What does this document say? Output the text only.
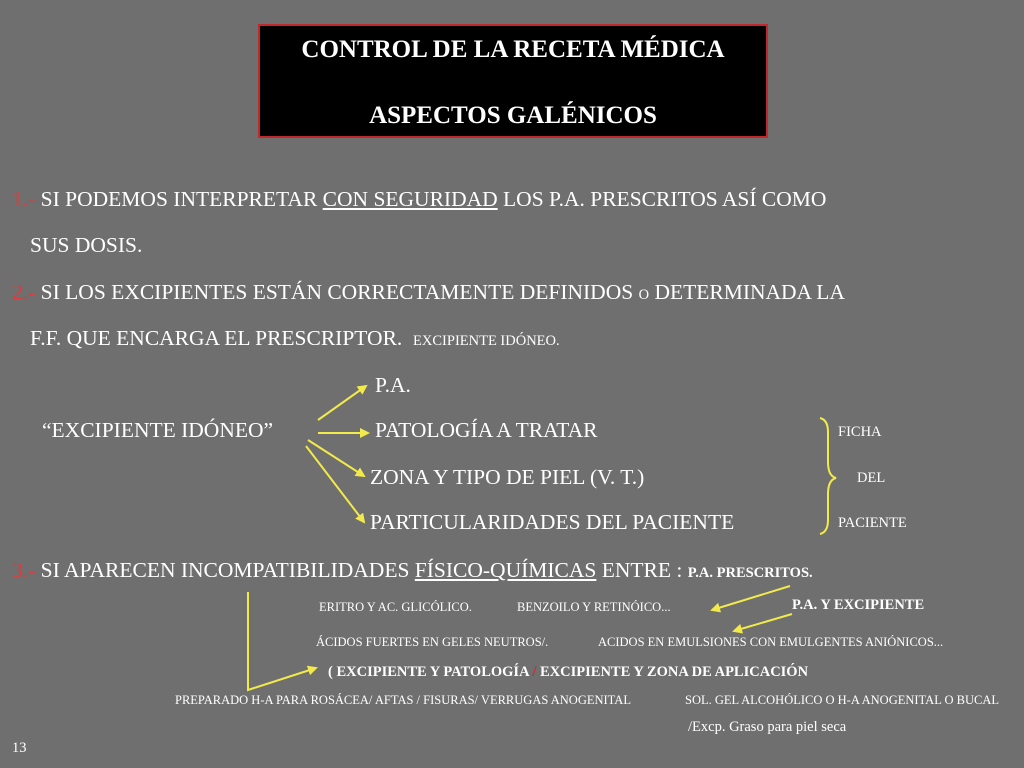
CONTROL DE LA RECETA MÉDICA
ASPECTOS GALÉNICOS
1.- SI PODEMOS INTERPRETAR CON SEGURIDAD LOS P.A. PRESCRITOS ASÍ COMO
SUS DOSIS.
2.- SI LOS EXCIPIENTES ESTÁN CORRECTAMENTE DEFINIDOS O DETERMINADA LA
F.F. QUE ENCARGA EL PRESCRIPTOR. EXCIPIENTE IDÓNEO.
P.A.
“EXCIPIENTE IDÓNEO”	PATOLOGÍA A TRATAR
ZONA Y TIPO DE PIEL (V. T.)
PARTICULARIDADES DEL PACIENTE
FICHA
DEL
PACIENTE
3.- SI APARECEN INCOMPATIBILIDADES FÍSICO-QUÍMICAS ENTRE : P.A. PRESCRITOS.
ERITRO Y AC. GLICÓLICO.	BENZOILO Y RETINÓICO...	P.A. Y EXCIPIENTE
ÁCIDOS FUERTES EN GELES NEUTROS/.	ACIDOS EN EMULSIONES CON EMULGENTES ANIÓNICOS...
( EXCIPIENTE Y PATOLOGÍA / EXCIPIENTE Y ZONA DE APLICACIÓN
PREPARADO H-A PARA ROSÁCEA/ AFTAS / FISURAS/ VERRUGAS ANOGENITAL	SOL. GEL ALCOHÓLICO O H-A ANOGENITAL O BUCAL
/Excp. Graso para piel seca
13
